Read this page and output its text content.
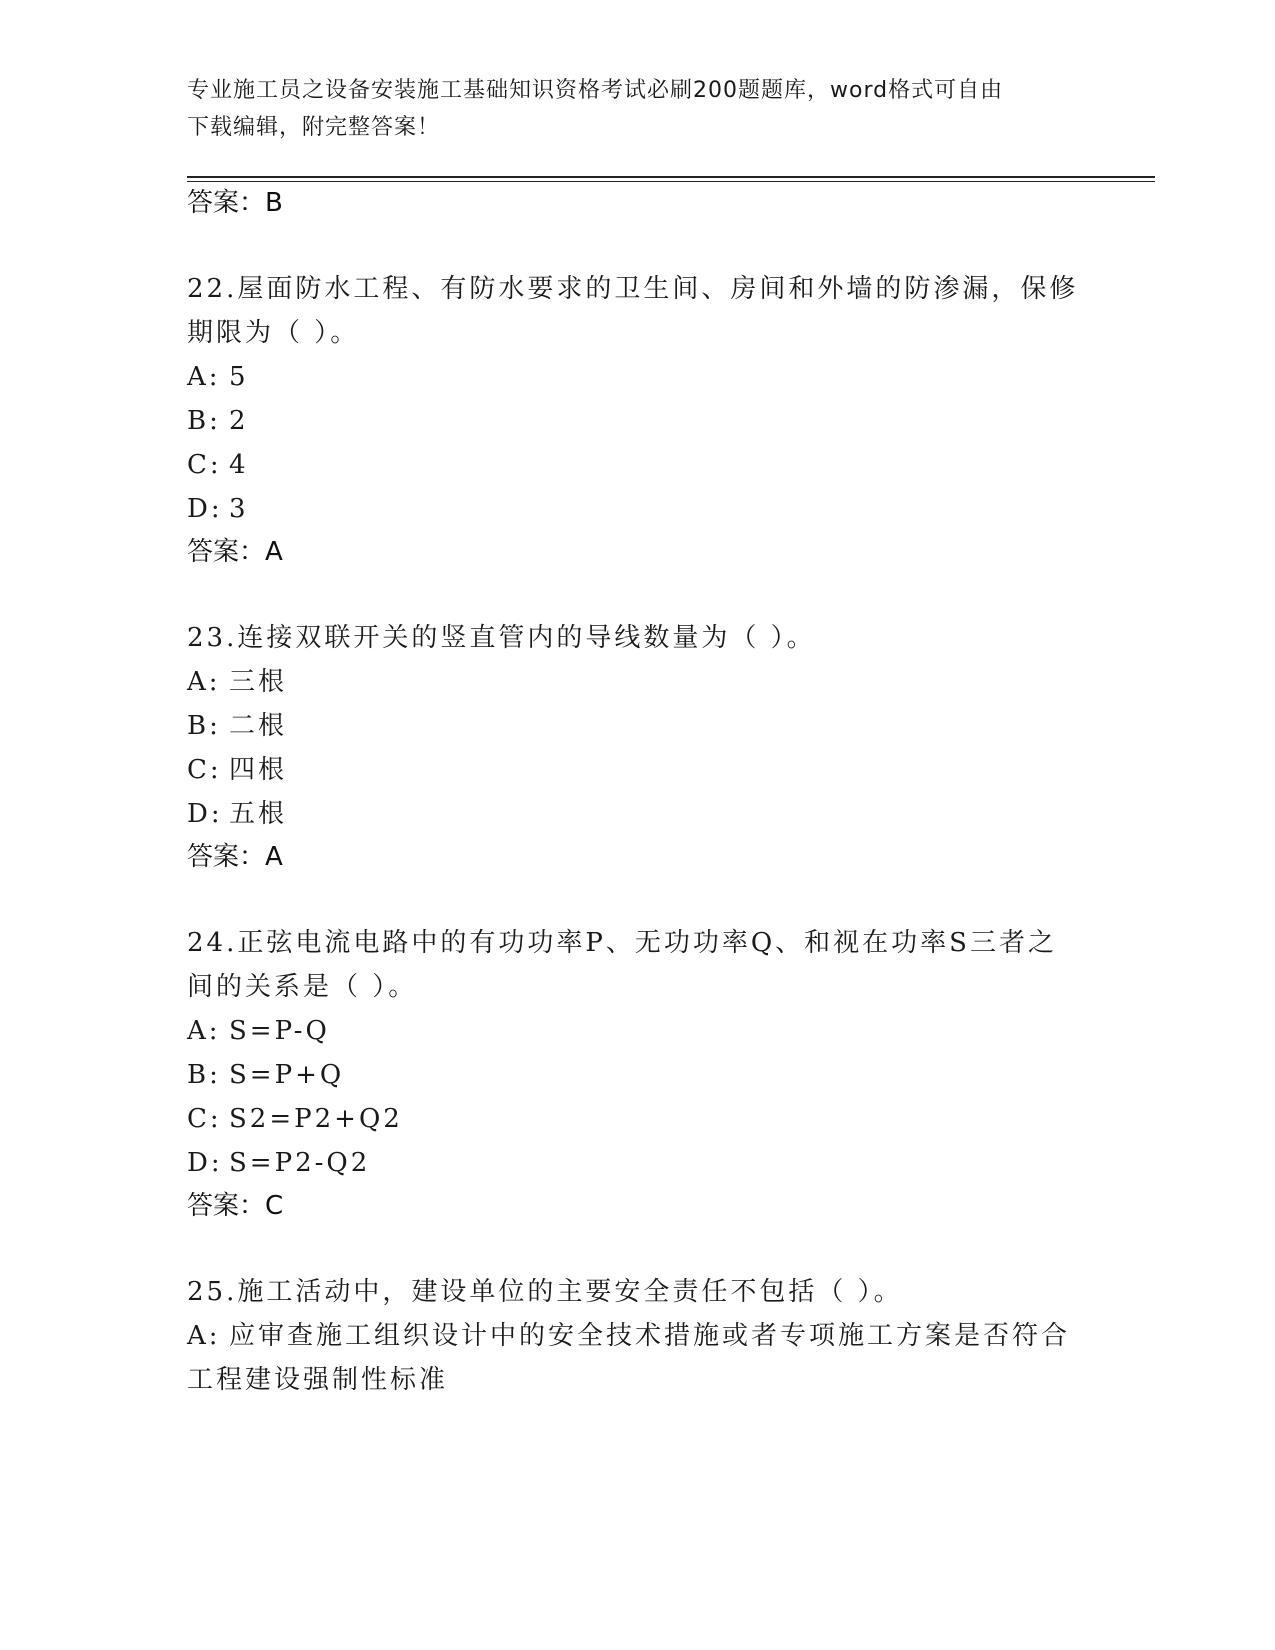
专业施工员之设备安装施工基础知识资格考试必刷200题题库，word格式可自由
下载编辑，附完整答案！
答案：B
22.屋面防水工程、有防水要求的卫生间、房间和外墙的防渗漏，保修
期限为（ ）。
A: 5
B: 2
C: 4
D: 3
答案：A
23.连接双联开关的竖直管内的导线数量为（ ）。
A: 三根
B: 二根
C: 四根
D: 五根
答案：A
24.正弦电流电路中的有功功率P、无功功率Q、和视在功率S三者之
间的关系是（ ）。
A: S=P-Q
B: S=P+Q
C: S2=P2+Q2
D: S=P2-Q2
答案：C
25.施工活动中，建设单位的主要安全责任不包括（ ）。
A: 应审查施工组织设计中的安全技术措施或者专项施工方案是否符合
工程建设强制性标准
